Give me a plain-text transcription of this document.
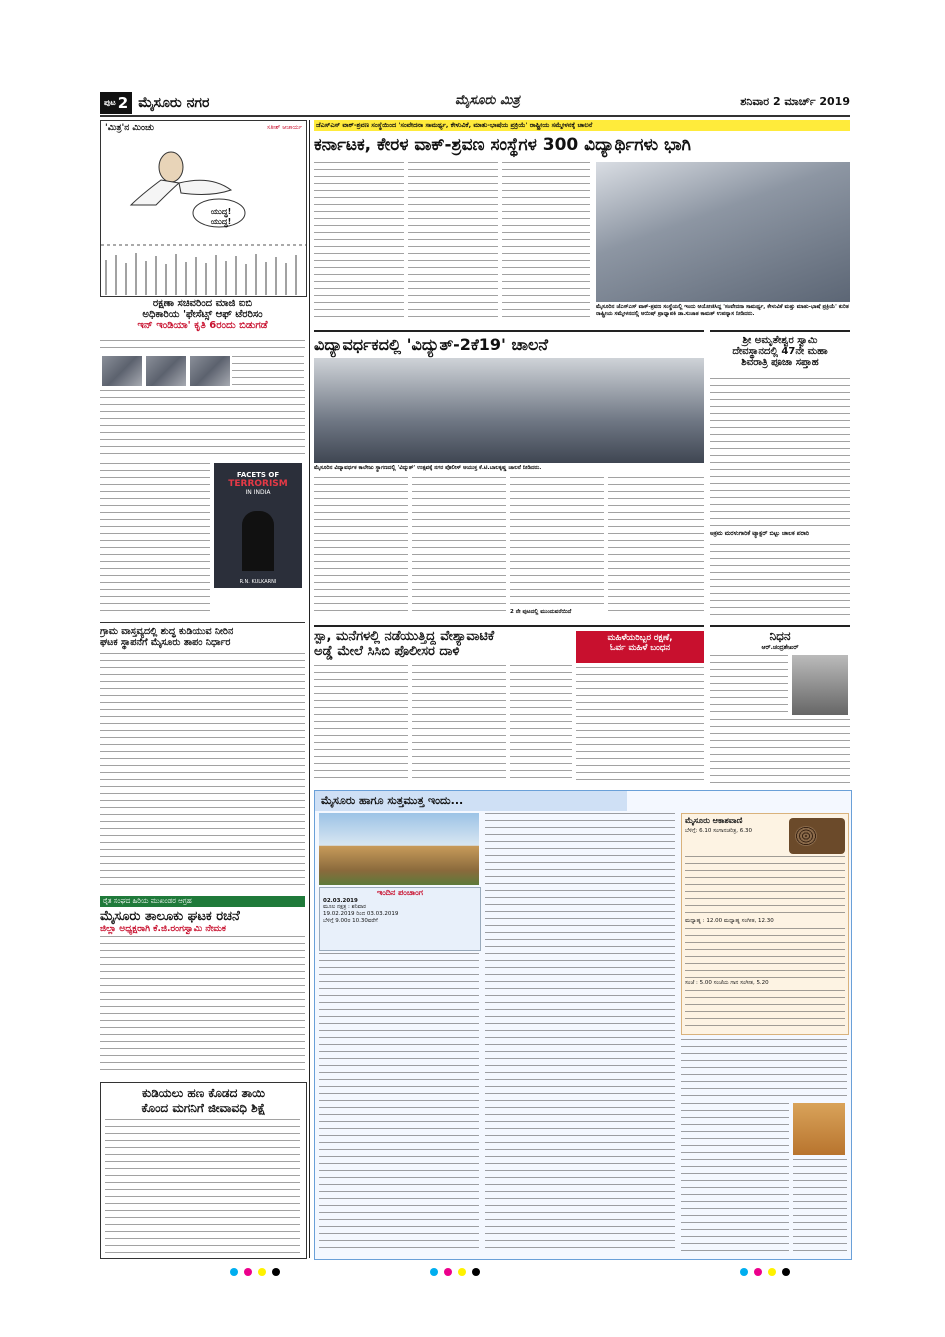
ಪುಟ 2 ಮೈಸೂರು ನಗರ	ಮೈಸೂರು ಮಿತ್ರ	ಶನಿವಾರ 2 ಮಾರ್ಚ್ 2019
'ಮಿತ್ರ'ನ ಮಿಂಚು	ಸತೀಶ್ ಆಚಾರ್ಯ
ಯುದ್ಧ! ಯುದ್ಧ!
ರಕ್ಷಣಾ ಸಚಿವರಿಂದ ಮಾಜಿ ಐಬಿ
ಅಧಿಕಾರಿಯ 'ಫೇಸೆಟ್ಸ್ ಆಫ್ ಟೆರರಿಸಂ
ಇನ್ ಇಂಡಿಯಾ' ಕೃತಿ 6ರಂದು ಬಿಡುಗಡೆ
FACETS OF
TERRORISM
IN INDIA
R.N. KULKARNI
ಗ್ರಾಮ ವಾಸ್ತವ್ಯದಲ್ಲಿ ಶುದ್ಧ ಕುಡಿಯುವ ನೀರಿನ
ಘಟಕ ಸ್ಥಾಪನೆಗೆ ಮೈಸೂರು ತಾಪಂ ನಿರ್ಧಾರ
ರೈತ ಸಂಘದ ಹಿರಿಯ ಮುಖಂಡರ ಆಗ್ರಹ
ಮೈಸೂರು ತಾಲೂಕು ಘಟಕ ರಚನೆ
ಜಿಲ್ಲಾ ಅಧ್ಯಕ್ಷರಾಗಿ ಕೆ.ಜಿ.ರಂಗಸ್ವಾಮಿ ನೇಮಕ
ಕುಡಿಯಲು ಹಣ ಕೊಡದ ತಾಯಿ
ಕೊಂದ ಮಗನಿಗೆ ಜೀವಾವಧಿ ಶಿಕ್ಷೆ
ಜೆಎಸ್‌ಎಸ್ ವಾಕ್-ಶ್ರವಣ ಸಂಸ್ಥೆಯಿಂದ 'ಸಂವೇದನಾ ಸಾಮರ್ಥ್ಯ, ಕೇಳುವಿಕೆ, ಮಾತು-ಭಾಷೆಯ ಪ್ರಕ್ರಿಯೆ' ರಾಷ್ಟ್ರೀಯ ಸಮ್ಮೇಳನಕ್ಕೆ ಚಾಲನೆ
ಕರ್ನಾಟಕ, ಕೇರಳ ವಾಕ್-ಶ್ರವಣ ಸಂಸ್ಥೆಗಳ 300 ವಿದ್ಯಾರ್ಥಿಗಳು ಭಾಗಿ
ಮೈಸೂರಿನ ಜೆಎಸ್‌ಎಸ್ ವಾಕ್-ಶ್ರವಣ ಸಂಸ್ಥೆಯಲ್ಲಿ ಇಂದು ಆಯೋಜಿಸಿದ್ದ 'ಸಂವೇದನಾ ಸಾಮರ್ಥ್ಯ, ಕೇಳುವಿಕೆ ಮತ್ತು ಮಾತು-ಭಾಷೆ ಪ್ರಕ್ರಿಯೆ' ಕುರಿತ ರಾಷ್ಟ್ರೀಯ ಸಮ್ಮೇಳನದಲ್ಲಿ ಆಯಿಷ್ ಪ್ರಾಧ್ಯಾಪಕಿ ಡಾ.ಸುಜಾತ ಕಾಮತ್ ಉಪನ್ಯಾಸ ನೀಡಿದರು.
ವಿದ್ಯಾವರ್ಧಕದಲ್ಲಿ 'ವಿದ್ಯುತ್-2ಕೆ19' ಚಾಲನೆ
ಮೈಸೂರಿನ ವಿದ್ಯಾವರ್ಧಕ ಕಾಲೇಜು ಸ್ಥಾಗಣದಲ್ಲಿ 'ವಿದ್ಯುತ್' ಉತ್ಸವಕ್ಕೆ ನಗರ ಪೊಲೀಸ್ ಆಯುಕ್ತ ಕೆ.ಟಿ.ಬಾಲಕೃಷ್ಣ ಚಾಲನೆ ನೀಡಿದರು.
2 ನೇ ಪುಟದಲ್ಲಿ ಮುಂದುವರೆಯಿದೆ
ಶ್ರೀ ಅಮೃತೇಶ್ವರ ಸ್ವಾಮಿ
ದೇವಸ್ಥಾನದಲ್ಲಿ 47ನೇ ಮಹಾ
ಶಿವರಾತ್ರಿ ಪೂಜಾ ಸಪ್ತಾಹ
ಅಕ್ರಮ ಮರಳುಗಾರಿಕೆ ಟ್ಯಾಕ್ಟರ್ ಬಿಟ್ಟು ಚಾಲಕ ಪರಾರಿ
ಸ್ಪಾ, ಮನೆಗಳಲ್ಲಿ ನಡೆಯುತ್ತಿದ್ದ ವೇಶ್ಯಾವಾಟಿಕೆ
ಅಡ್ಡೆ ಮೇಲೆ ಸಿಸಿಬಿ ಪೊಲೀಸರ ದಾಳಿ
ಮಹಿಳೆಯರಿಬ್ಬರ ರಕ್ಷಣೆ,
ಓರ್ವ ಮಹಿಳೆ ಬಂಧನ
ನಿಧನ
ಆರ್.ಚಂದ್ರಶೇಖರ್
ಮೈಸೂರು ಹಾಗೂ ಸುತ್ತಮುತ್ತ ಇಂದು...
ಇಂದಿನ ಪಂಚಾಂಗ
02.03.2019
ಮೂಲ ನಕ್ಷತ್ರ : ಶನಿವಾರ
19.02.2019 ರಿಂದ 03.03.2019
ಬೆಳಿಗ್ಗೆ 9.00ರ 10.30ವರೆಗೆ
ಮೈಸೂರು ಆಕಾಶವಾಣಿ
ಬೆಳಿಗ್ಗೆ: 6.10 ಸಂಗಾನಚರಿತ್ರ, 6.30
ಮಧ್ಯಾಹ್ನ : 12.00 ಮಧ್ಯಾಹ್ನ ಸಂಗೀತ, 12.30
ಸಂಜೆ : 5.00 ಸಂಜೆಯ ಗಾನ ಸಂಗೀತ, 5.20
